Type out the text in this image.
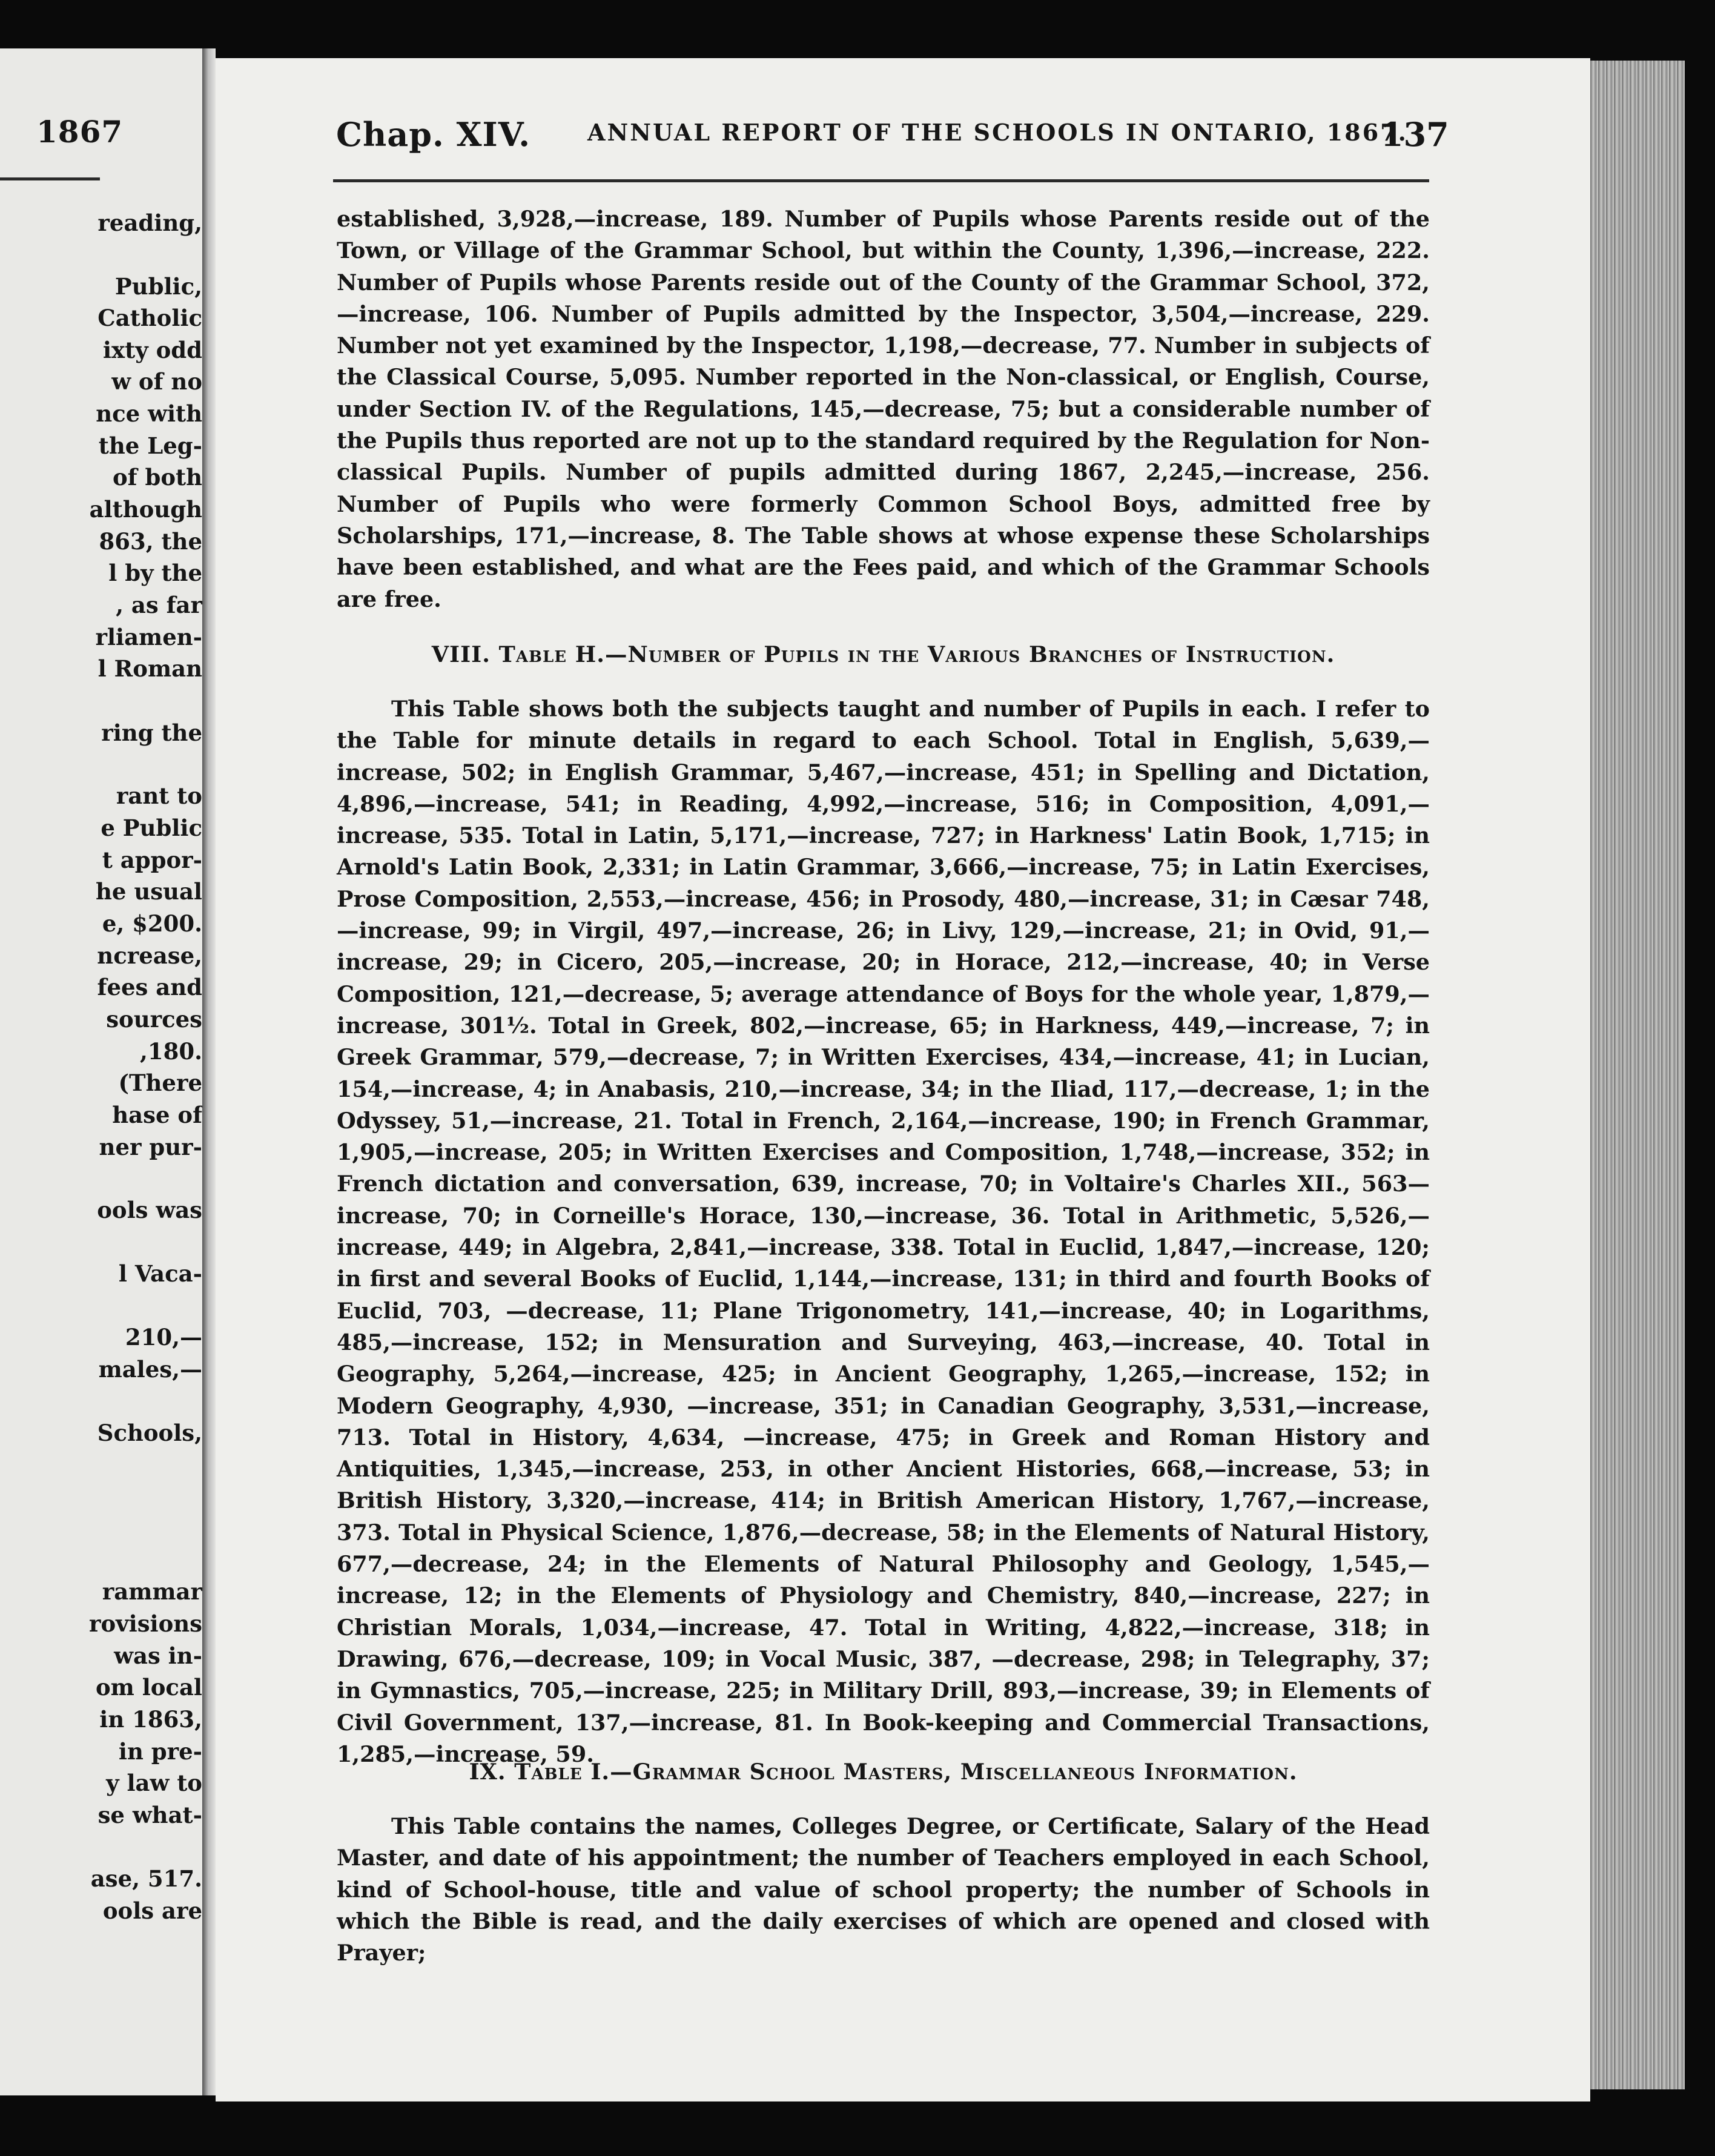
1867
reading,
Public,
Catholic
ixty odd
w of no
nce with
the Leg-
of both
although
863, the
l by the
, as far
rliamen-
l Roman
ring the
rant to
e Public
t appor-
he usual
e, $200.
ncrease,
fees and
sources
,180.
(There
hase of
ner pur-
ools was
l Vaca-
210,—
males,—
Schools,
rammar
rovisions
was in-
om local
in 1863,
in pre-
y law to
se what-
ase, 517.
ools are
Chap. XIV. ANNUAL REPORT OF THE SCHOOLS IN ONTARIO, 1867.
137
established, 3,928,—increase, 189. Number of Pupils whose Parents reside out of the Town, or Village of the Grammar School, but within the County, 1,396,—increase, 222. Number of Pupils whose Parents reside out of the County of the Grammar School, 372, —increase, 106. Number of Pupils admitted by the Inspector, 3,504,—increase, 229. Number not yet examined by the Inspector, 1,198,—decrease, 77. Number in subjects of the Classical Course, 5,095. Number reported in the Non-classical, or English, Course, under Section IV. of the Regulations, 145,—decrease, 75; but a considerable number of the Pupils thus reported are not up to the standard required by the Regulation for Non-classical Pupils. Number of pupils admitted during 1867, 2,245,—increase, 256. Number of Pupils who were formerly Common School Boys, admitted free by Scholarships, 171,—increase, 8. The Table shows at whose expense these Scholarships have been established, and what are the Fees paid, and which of the Grammar Schools are free.
VIII. Table H.—Number of Pupils in the Various Branches of Instruction.
This Table shows both the subjects taught and number of Pupils in each. I refer to the Table for minute details in regard to each School. Total in English, 5,639,—increase, 502; in English Grammar, 5,467,—increase, 451; in Spelling and Dictation, 4,896,—increase, 541; in Reading, 4,992,—increase, 516; in Composition, 4,091,—increase, 535. Total in Latin, 5,171,—increase, 727; in Harkness' Latin Book, 1,715; in Arnold's Latin Book, 2,331; in Latin Grammar, 3,666,—increase, 75; in Latin Exercises, Prose Composition, 2,553,—increase, 456; in Prosody, 480,—increase, 31; in Cæsar 748,—increase, 99; in Virgil, 497,—increase, 26; in Livy, 129,—increase, 21; in Ovid, 91,—increase, 29; in Cicero, 205,—increase, 20; in Horace, 212,—increase, 40; in Verse Composition, 121,—decrease, 5; average attendance of Boys for the whole year, 1,879,—increase, 301½. Total in Greek, 802,—increase, 65; in Harkness, 449,—increase, 7; in Greek Grammar, 579,—decrease, 7; in Written Exercises, 434,—increase, 41; in Lucian, 154,—increase, 4; in Anabasis, 210,—increase, 34; in the Iliad, 117,—decrease, 1; in the Odyssey, 51,—increase, 21. Total in French, 2,164,—increase, 190; in French Grammar, 1,905,—increase, 205; in Written Exercises and Composition, 1,748,—increase, 352; in French dictation and conversation, 639, increase, 70; in Voltaire's Charles XII., 563—increase, 70; in Corneille's Horace, 130,—increase, 36. Total in Arithmetic, 5,526,—increase, 449; in Algebra, 2,841,—increase, 338. Total in Euclid, 1,847,—increase, 120; in first and several Books of Euclid, 1,144,—increase, 131; in third and fourth Books of Euclid, 703, —decrease, 11; Plane Trigonometry, 141,—increase, 40; in Logarithms, 485,—increase, 152; in Mensuration and Surveying, 463,—increase, 40. Total in Geography, 5,264,—increase, 425; in Ancient Geography, 1,265,—increase, 152; in Modern Geography, 4,930, —increase, 351; in Canadian Geography, 3,531,—increase, 713. Total in History, 4,634, —increase, 475; in Greek and Roman History and Antiquities, 1,345,—increase, 253, in other Ancient Histories, 668,—increase, 53; in British History, 3,320,—increase, 414; in British American History, 1,767,—increase, 373. Total in Physical Science, 1,876,—decrease, 58; in the Elements of Natural History, 677,—decrease, 24; in the Elements of Natural Philosophy and Geology, 1,545,—increase, 12; in the Elements of Physiology and Chemistry, 840,—increase, 227; in Christian Morals, 1,034,—increase, 47. Total in Writing, 4,822,—increase, 318; in Drawing, 676,—decrease, 109; in Vocal Music, 387, —decrease, 298; in Telegraphy, 37; in Gymnastics, 705,—increase, 225; in Military Drill, 893,—increase, 39; in Elements of Civil Government, 137,—increase, 81. In Book-keeping and Commercial Transactions, 1,285,—increase, 59.
IX. Table I.—Grammar School Masters, Miscellaneous Information.
This Table contains the names, Colleges Degree, or Certificate, Salary of the Head Master, and date of his appointment; the number of Teachers employed in each School, kind of School-house, title and value of school property; the number of Schools in which the Bible is read, and the daily exercises of which are opened and closed with Prayer;
